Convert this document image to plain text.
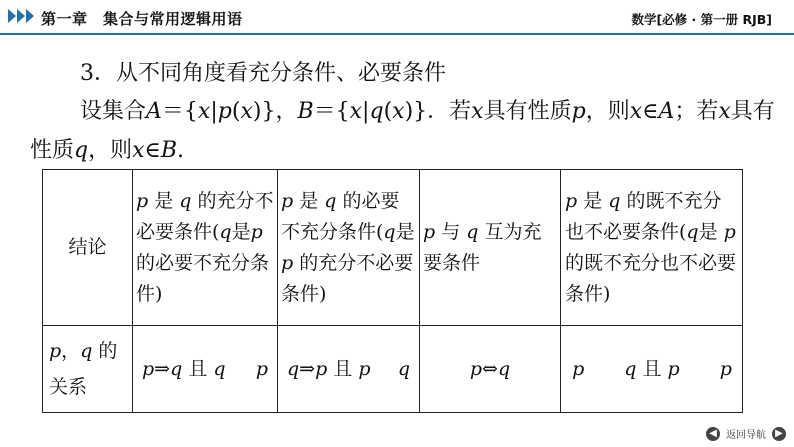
第一章　集合与常用逻辑用语	数学[必修 · 第一册 RJB]
3．从不同角度看充分条件、必要条件
设集合A＝{x|p(x)}，B＝{x|q(x)}．若x具有性质p，则x∈A；若x具有
性质q，则x∈B.
结论	p 是 q 的充分不必要条件(q是p 的必要不充分条件)	p 是 q 的必要不充分条件(q是p 的充分不必要条件)	p 与 q 互为充要条件	p 是 q 的既不充分也不必要条件(q是 p 的既不充分也不必要条件)
p，q 的
关系	p⇒q 且 q p	q⇒p 且 p q	p⇔q	p q 且 p p
◀ 返回导航 ▶
